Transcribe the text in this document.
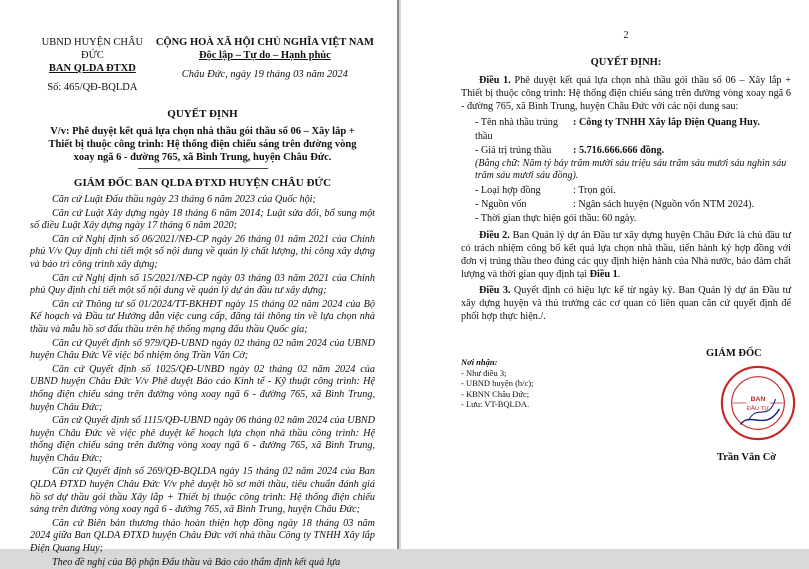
UBND HUYỆN CHÂU ĐỨC
BAN QLDA ĐTXD
Số: 465/QĐ-BQLDA
CỘNG HOÀ XÃ HỘI CHỦ NGHĨA VIỆT NAM
Độc lập – Tự do – Hạnh phúc
Châu Đức, ngày 19 tháng 03 năm 2024
QUYẾT ĐỊNH
V/v: Phê duyệt kết quả lựa chọn nhà thầu gói thầu số 06 – Xây lắp + Thiết bị thuộc công trình: Hệ thống điện chiếu sáng trên đường vòng xoay ngã 6 - đường 765, xã Bình Trung, huyện Châu Đức.
GIÁM ĐỐC BAN QLDA ĐTXD HUYỆN CHÂU ĐỨC

Căn cứ Luật Đấu thầu ngày 23 tháng 6 năm 2023 của Quốc hội;

Căn cứ Luật Xây dựng ngày 18 tháng 6 năm 2014; Luật sửa đổi, bổ sung một số điều Luật Xây dựng ngày 17 tháng 6 năm 2020;

Căn cứ Nghị định số 06/2021/NĐ-CP ngày 26 tháng 01 năm 2021 của Chính phủ V/v Quy định chi tiết một số nội dung về quản lý chất lượng, thi công xây dựng và bảo trì công trình xây dựng;

Căn cứ Nghị định số 15/2021/NĐ-CP ngày 03 tháng 03 năm 2021 của Chính phủ Quy định chi tiết một số nội dung về quản lý dự án đầu tư xây dựng;

Căn cứ Thông tư số 01/2024/TT-BKHĐT ngày 15 tháng 02 năm 2024 của Bộ Kế hoạch và Đầu tư Hướng dẫn việc cung cấp, đăng tải thông tin về lựa chọn nhà thầu và mẫu hồ sơ đấu thầu trên hệ thống mạng đấu thầu Quốc gia;

Căn cứ Quyết định số 979/QĐ-UBND ngày 02 tháng 02 năm 2024 của UBND huyện Châu Đức Về việc bổ nhiệm ông Trần Văn Cờ;

Căn cứ Quyết định số 1025/QĐ-UNBD ngày 02 tháng 02 năm 2024 của UBND huyện Châu Đức V/v Phê duyệt Báo cáo Kinh tế - Kỹ thuật công trình: Hệ thống điện chiếu sáng trên đường vòng xoay ngã 6 - đường 765, xã Bình Trung, huyện Châu Đức;

Căn cứ Quyết định số 1115/QĐ-UBND ngày 06 tháng 02 năm 2024 của UBND huyện Châu Đức về việc phê duyệt kế hoạch lựa chọn nhà thầu công trình: Hệ thống điện chiếu sáng trên đường vòng xoay ngã 6 - đường 765, xã Bình Trung, huyện Châu Đức;

Căn cứ Quyết định số 269/QĐ-BQLDA ngày 15 tháng 02 năm 2024 của Ban QLDA ĐTXD huyện Châu Đức V/v phê duyệt hồ sơ mời thầu, tiêu chuẩn đánh giá hồ sơ dự thầu gói thầu Xây lắp + Thiết bị thuộc công trình: Hệ thống điện chiếu sáng trên đường vòng xoay ngã 6 - đường 765, xã Bình Trung, huyện Châu Đức;

Căn cứ Biên bản thương thảo hoàn thiện hợp đồng ngày 18 tháng 03 năm 2024 giữa Ban QLDA ĐTXD huyện Châu Đức với nhà thầu Công ty TNHH Xây lắp Điện Quang Huy;

Theo đề nghị của Bộ phận Đấu thầu và Báo cáo thẩm định kết quả lựa

2
QUYẾT ĐỊNH:

Điều 1. Phê duyệt kết quả lựa chọn nhà thầu gói thầu số 06 – Xây lắp + Thiết bị thuộc công trình: Hệ thống điện chiếu sáng trên đường vòng xoay ngã 6 - đường 765, xã Bình Trung, huyện Châu Đức với các nội dung sau:

- Tên nhà thầu trúng thầu
: Công ty TNHH Xây lắp Điện Quang Huy.
- Giá trị trúng thầu	: 5.716.666.666 đồng.
(Bằng chữ: Năm tỷ bảy trăm mười sáu triệu sáu trăm sáu mươi sáu nghìn sáu trăm sáu mươi sáu đồng).
- Loại hợp đồng	: Trọn gói.
- Nguồn vốn	: Ngân sách huyện (Nguồn vốn NTM 2024).
- Thời gian thực hiện gói thầu: 60 ngày.

Điều 2. Ban Quản lý dự án Đầu tư xây dựng huyện Châu Đức là chủ đầu tư có trách nhiệm công bố kết quả lựa chọn nhà thầu, tiến hành ký hợp đồng với đơn vị trúng thầu theo đúng các quy định hiện hành của Nhà nước, bảo đảm chất lượng và thời gian quy định tại Điều 1.

Điều 3. Quyết định có hiệu lực kể từ ngày ký. Ban Quản lý dự án Đầu tư xây dựng huyện và thủ trưởng các cơ quan có liên quan căn cứ quyết định để phối hợp thực hiện./.

Nơi nhận:
- Như điều 3;
- UBND huyện (b/c);
- KBNN Châu Đức;
- Lưu: VT-BQLDA.
GIÁM ĐỐC
BAN
ĐẦU TƯ
Trần Văn Cờ
